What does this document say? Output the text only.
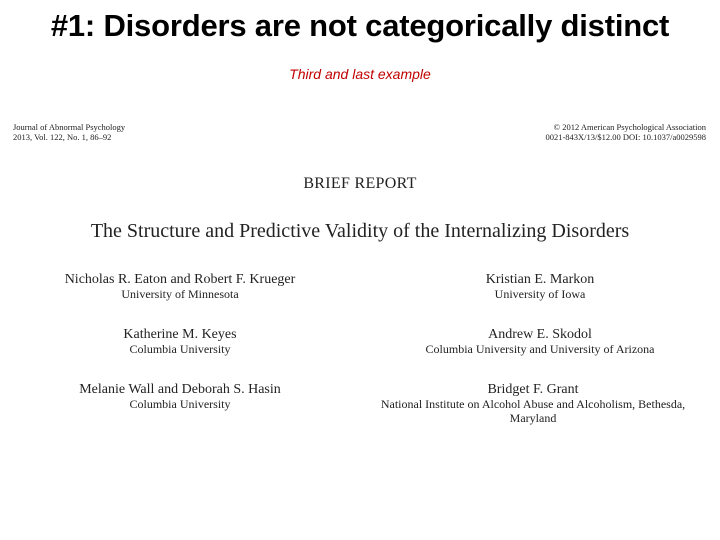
#1: Disorders are not categorically distinct
Third and last example
Journal of Abnormal Psychology
2013, Vol. 122, No. 1, 86–92
© 2012 American Psychological Association
0021-843X/13/$12.00 DOI: 10.1037/a0029598
BRIEF REPORT
The Structure and Predictive Validity of the Internalizing Disorders
Nicholas R. Eaton and Robert F. Krueger
University of Minnesota
Kristian E. Markon
University of Iowa
Katherine M. Keyes
Columbia University
Andrew E. Skodol
Columbia University and University of Arizona
Melanie Wall and Deborah S. Hasin
Columbia University
Bridget F. Grant
National Institute on Alcohol Abuse and Alcoholism, Bethesda,
Maryland
